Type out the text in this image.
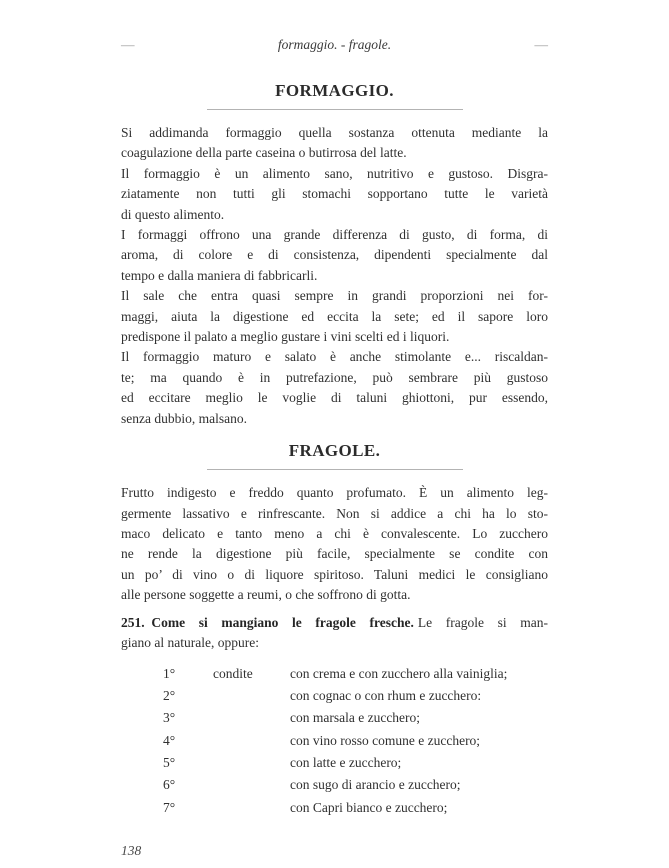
—	formaggio. - fragole.	—
FORMAGGIO.
Si addimanda formaggio quella sostanza ottenuta mediante la
coagulazione della parte caseina o butirrosa del latte.
Il formaggio è un alimento sano, nutritivo e gustoso. Disgra-
ziatamente non tutti gli stomachi sopportano tutte le varietà
di questo alimento.
I formaggi offrono una grande differenza di gusto, di forma, di
aroma, di colore e di consistenza, dipendenti specialmente dal
tempo e dalla maniera di fabbricarli.
Il sale che entra quasi sempre in grandi proporzioni nei for-
maggi, aiuta la digestione ed eccita la sete; ed il sapore loro
predispone il palato a meglio gustare i vini scelti ed i liquori.
Il formaggio maturo e salato è anche stimolante e... riscaldan-
te; ma quando è in putrefazione, può sembrare più gustoso
ed eccitare meglio le voglie di taluni ghiottoni, pur essendo,
senza dubbio, malsano.
FRAGOLE.
Frutto indigesto e freddo quanto profumato. È un alimento leg-
germente lassativo e rinfrescante. Non si addice a chi ha lo sto-
maco delicato e tanto meno a chi è convalescente. Lo zucchero
ne rende la digestione più facile, specialmente se condite con
un po’ di vino o di liquore spiritoso. Taluni medici le consigliano
alle persone soggette a reumi, o che soffrono di gotta.
251. Come si mangiano le fragole fresche. Le fragole si man-
giano al naturale, oppure:
1°	condite	con crema e con zucchero alla vainiglia;
2°	con cognac o con rhum e zucchero:
3°	con marsala e zucchero;
4°	con vino rosso comune e zucchero;
5°	con latte e zucchero;
6°	con sugo di arancio e zucchero;
7°	con Capri bianco e zucchero;
138
